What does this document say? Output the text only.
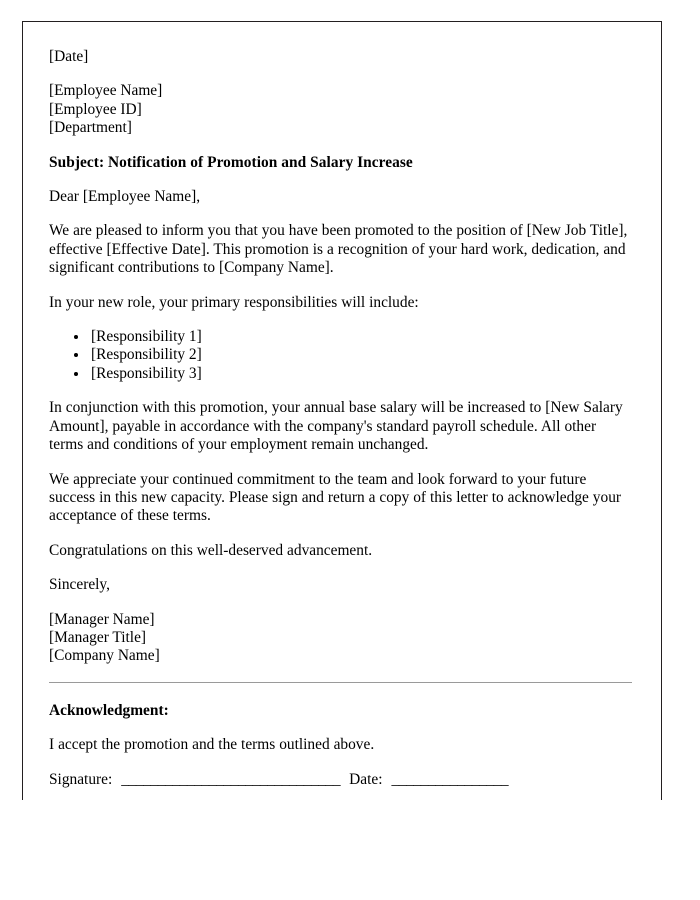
[Date]

[Employee Name]
[Employee ID]
[Department]

Subject: Notification of Promotion and Salary Increase

Dear [Employee Name],

We are pleased to inform you that you have been promoted to the position of [New Job Title], effective [Effective Date]. This promotion is a recognition of your hard work, dedication, and significant contributions to [Company Name].

In your new role, your primary responsibilities will include:

• [Responsibility 1]
• [Responsibility 2]
• [Responsibility 3]

In conjunction with this promotion, your annual base salary will be increased to [New Salary Amount], payable in accordance with the company's standard payroll schedule. All other terms and conditions of your employment remain unchanged.

We appreciate your continued commitment to the team and look forward to your future success in this new capacity. Please sign and return a copy of this letter to acknowledge your acceptance of these terms.

Congratulations on this well-deserved advancement.

Sincerely,

[Manager Name]
[Manager Title]
[Company Name]

Acknowledgment:

I accept the promotion and the terms outlined above.

Signature: ______________________________ Date: ________________
